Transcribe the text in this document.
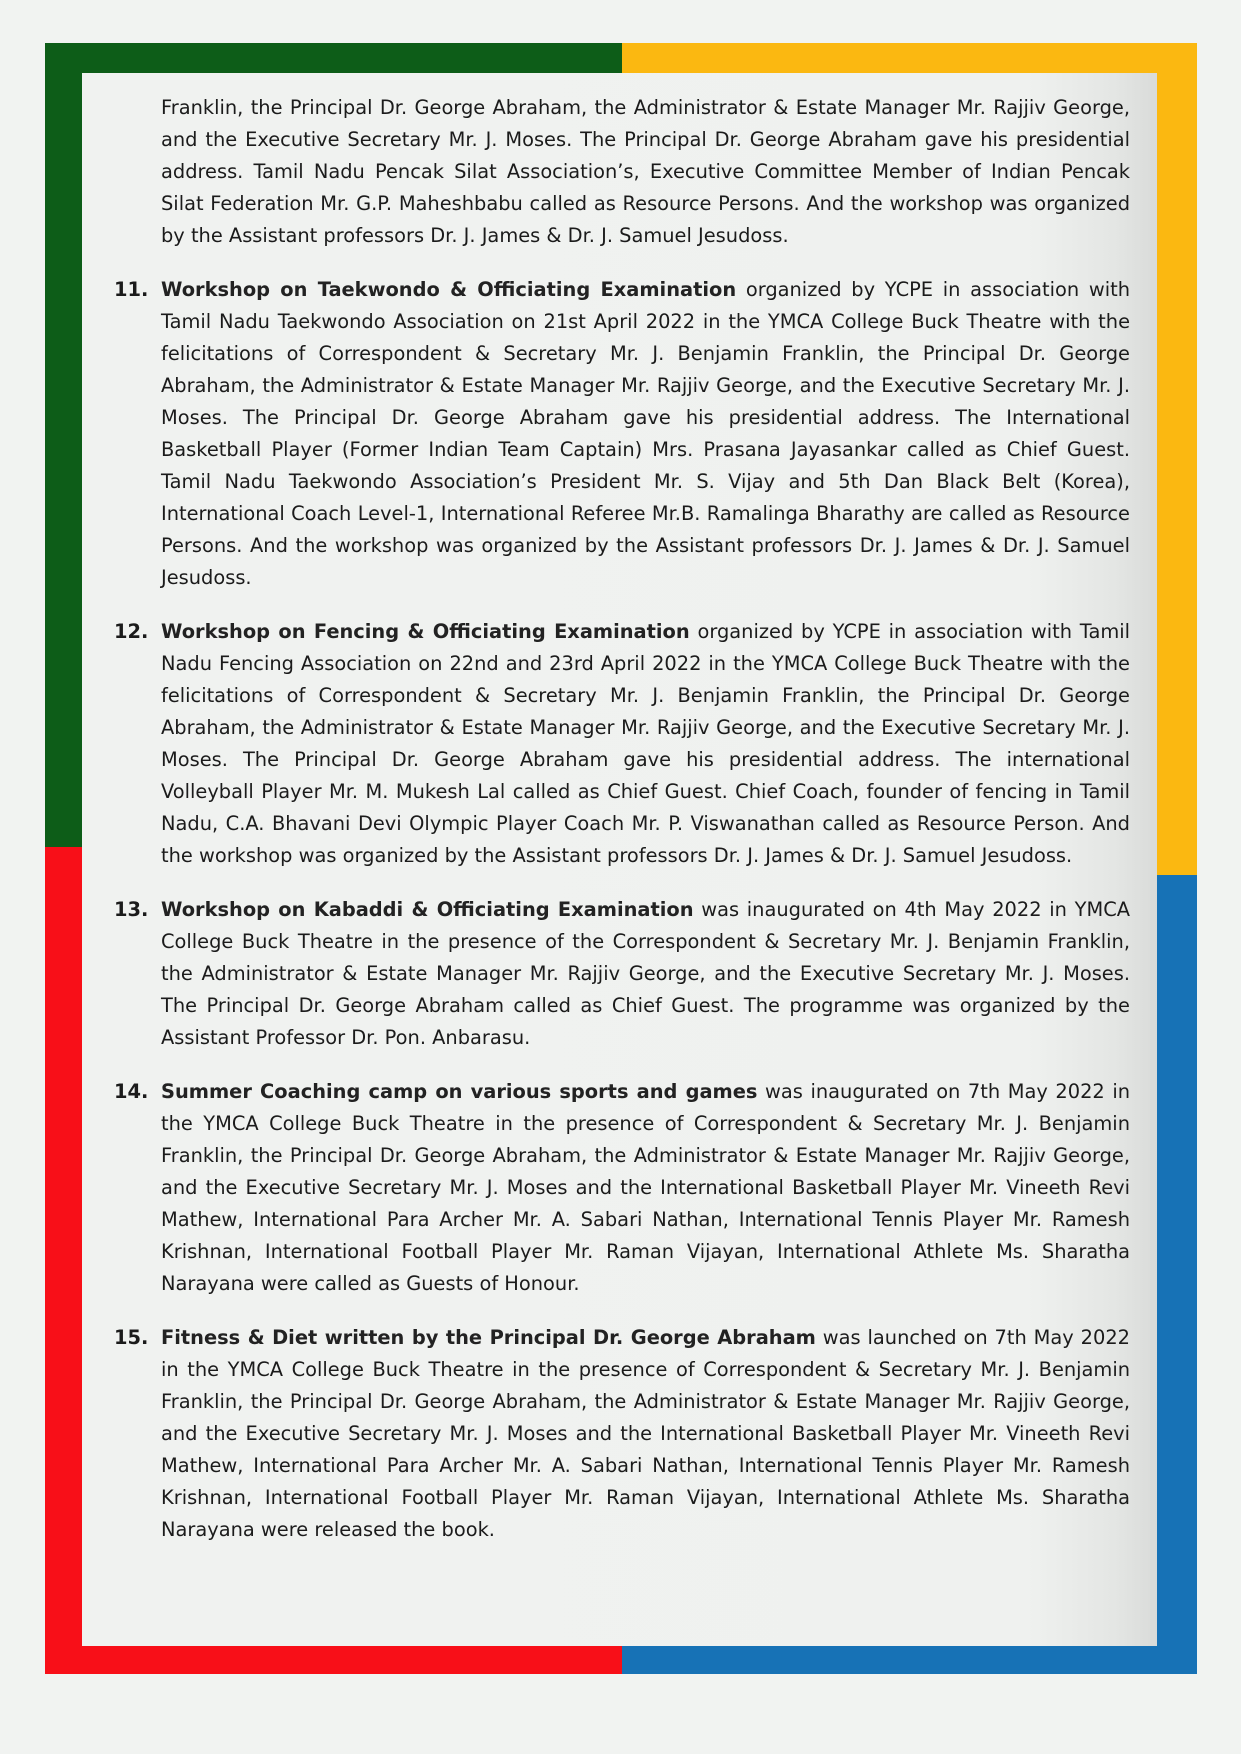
Franklin, the Principal Dr. George Abraham, the Administrator & Estate Manager Mr. Rajjiv George, and the Executive Secretary Mr. J. Moses. The Principal Dr. George Abraham gave his presidential address. Tamil Nadu Pencak Silat Association’s, Executive Committee Member of Indian Pencak Silat Federation Mr. G.P. Maheshbabu called as Resource Persons. And the workshop was organized by the Assistant professors Dr. J. James & Dr. J. Samuel Jesudoss.

11. Workshop on Taekwondo & Officiating Examination organized by YCPE in association with Tamil Nadu Taekwondo Association on 21st April 2022 in the YMCA College Buck Theatre with the felicitations of Correspondent & Secretary Mr. J. Benjamin Franklin, the Principal Dr. George Abraham, the Administrator & Estate Manager Mr. Rajjiv George, and the Executive Secretary Mr. J. Moses. The Principal Dr. George Abraham gave his presidential address. The International Basketball Player (Former Indian Team Captain) Mrs. Prasana Jayasankar called as Chief Guest. Tamil Nadu Taekwondo Association’s President Mr. S. Vijay and 5th Dan Black Belt (Korea), International Coach Level-1, International Referee Mr.B. Ramalinga Bharathy are called as Resource Persons. And the workshop was organized by the Assistant professors Dr. J. James & Dr. J. Samuel Jesudoss.

12. Workshop on Fencing & Officiating Examination organized by YCPE in association with Tamil Nadu Fencing Association on 22nd and 23rd April 2022 in the YMCA College Buck Theatre with the felicitations of Correspondent & Secretary Mr. J. Benjamin Franklin, the Principal Dr. George Abraham, the Administrator & Estate Manager Mr. Rajjiv George, and the Executive Secretary Mr. J. Moses. The Principal Dr. George Abraham gave his presidential address. The international Volleyball Player Mr. M. Mukesh Lal called as Chief Guest. Chief Coach, founder of fencing in Tamil Nadu, C.A. Bhavani Devi Olympic Player Coach Mr. P. Viswanathan called as Resource Person. And the workshop was organized by the Assistant professors Dr. J. James & Dr. J. Samuel Jesudoss.

13. Workshop on Kabaddi & Officiating Examination was inaugurated on 4th May 2022 in YMCA College Buck Theatre in the presence of the Correspondent & Secretary Mr. J. Benjamin Franklin, the Administrator & Estate Manager Mr. Rajjiv George, and the Executive Secretary Mr. J. Moses. The Principal Dr. George Abraham called as Chief Guest. The programme was organized by the Assistant Professor Dr. Pon. Anbarasu.

14. Summer Coaching camp on various sports and games was inaugurated on 7th May 2022 in the YMCA College Buck Theatre in the presence of Correspondent & Secretary Mr. J. Benjamin Franklin, the Principal Dr. George Abraham, the Administrator & Estate Manager Mr. Rajjiv George, and the Executive Secretary Mr. J. Moses and the International Basketball Player Mr. Vineeth Revi Mathew, International Para Archer Mr. A. Sabari Nathan, International Tennis Player Mr. Ramesh Krishnan, International Football Player Mr. Raman Vijayan, International Athlete Ms. Sharatha Narayana were called as Guests of Honour.

15. Fitness & Diet written by the Principal Dr. George Abraham was launched on 7th May 2022 in the YMCA College Buck Theatre in the presence of Correspondent & Secretary Mr. J. Benjamin Franklin, the Principal Dr. George Abraham, the Administrator & Estate Manager Mr. Rajjiv George, and the Executive Secretary Mr. J. Moses and the International Basketball Player Mr. Vineeth Revi Mathew, International Para Archer Mr. A. Sabari Nathan, International Tennis Player Mr. Ramesh Krishnan, International Football Player Mr. Raman Vijayan, International Athlete Ms. Sharatha Narayana were released the book.
